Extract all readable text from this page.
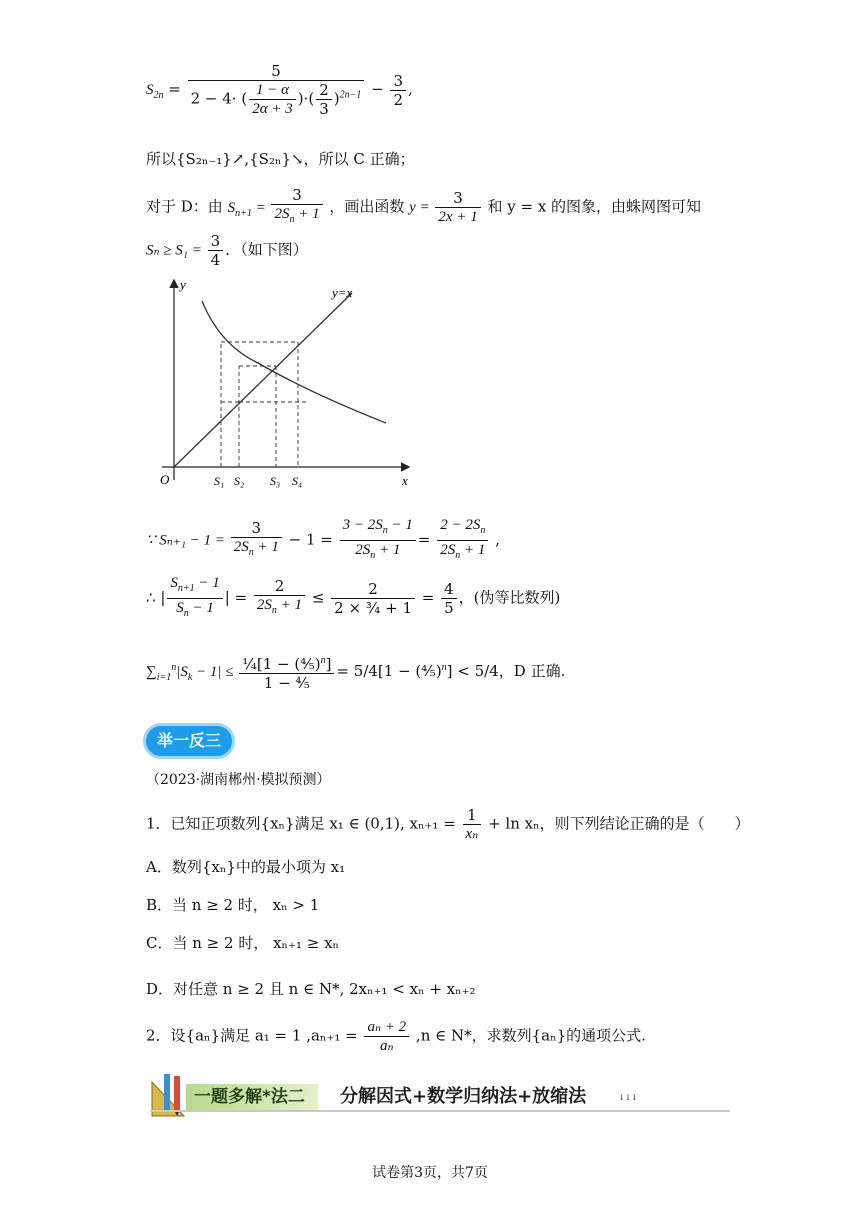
$S_{2n} = \frac{5}{2 - 4\cdot ( \frac{1 - \alpha}{2\alpha + 3} )\cdot( \frac{2}{3} )^{2n-1}} - \frac{3}{2}$ ,
所以{S₂ₙ₋₁}↗,{S₂ₙ}↘，所以 C 正确；
对于 D：由 $S_{n+1} = \frac{3}{2S_n + 1}$ ，画出函数 $y = \frac{3}{2x + 1}$ 和 y = x 的图象，由蛛网图可知
$S_n \ge S_1 = \frac{3}{4}$ ．（如下图）
y
x
O
y=x
S₁ S₂ S₃ S₄
∵ $S_{n+1} - 1 = \frac{3}{2S_n + 1} - 1 = \frac{3 - 2S_n - 1}{2S_n + 1} = \frac{2 - 2S_n}{2S_n + 1}$ ,
∴ | $\frac{S_{n+1} - 1}{S_n - 1}$ | = $\frac{2}{2S_n + 1} \le \frac{2}{\text{2 × ¾ + 1}} = \frac{4}{5}$ ，(伪等比数列)
$\sum_{i=1}^n|S_k - 1| \le \frac{\frac{1}{4}[1 - (\frac{4}{5})^n]}{\text{1 − ⅘}} = 5/4[1$ − (⅘)$^n$] < 5/4，D 正确.
举一反三
（2023·湖南郴州·模拟预测）
1．已知正项数列{xₙ}满足 x₁ ∈ (0,1), $x_{n+1} = \frac{1}{\text{xₙ}} + \ln x_n$，则下列结论正确的是（　　）
A．数列{xₙ}中的最小项为 x₁
B．当 n ≥ 2 时， xₙ > 1
C．当 n ≥ 2 时， xₙ₊₁ ≥ xₙ
D．对任意 n ≥ 2 且 n ∈ N*, 2xₙ₊₁ < xₙ + xₙ₊₂
2．设{aₙ}满足 a₁ = 1 $,a_{n+1} = \frac{\text{aₙ + 2}}{\text{aₙ}} ,n$ ∈ N*，求数列{aₙ}的通项公式.
一题多解*法二 分解因式+数学归纳法+放缩法	ı ı ı
试卷第3页，共7页
